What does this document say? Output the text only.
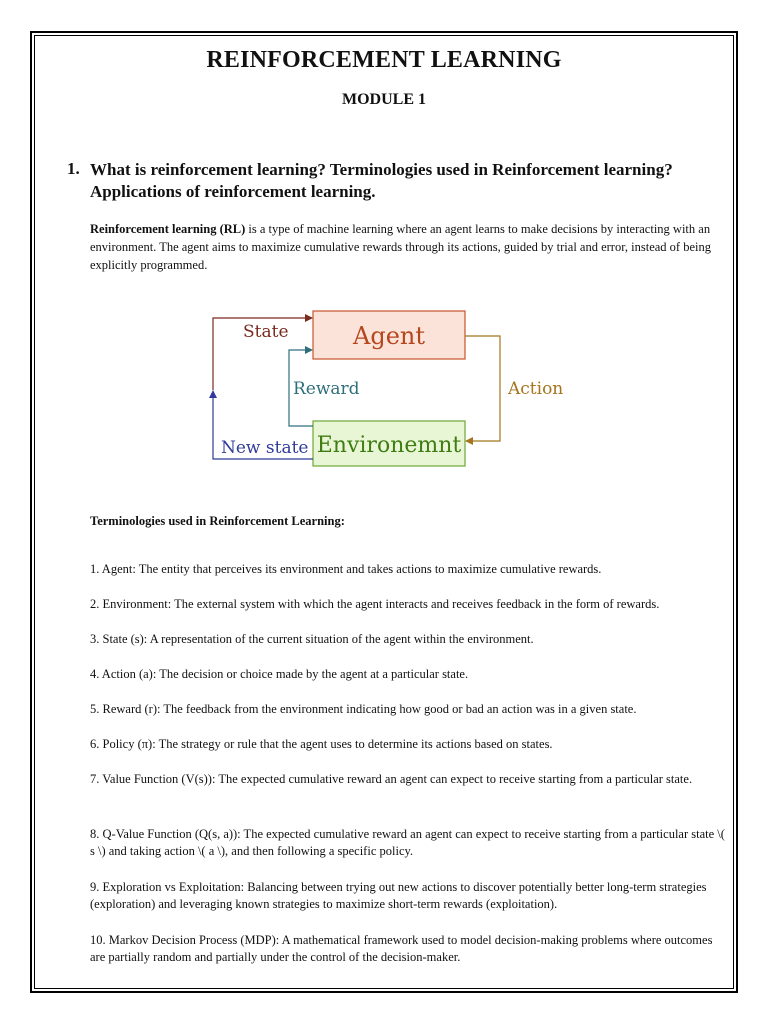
REINFORCEMENT LEARNING
MODULE 1
1. What is reinforcement learning? Terminologies used in Reinforcement learning? Applications of reinforcement learning.
Reinforcement learning (RL) is a type of machine learning where an agent learns to make decisions by interacting with an environment. The agent aims to maximize cumulative rewards through its actions, guided by trial and error, instead of being explicitly programmed.
Agent
Environemnt
Action
Reward
State
New state
Terminologies used in Reinforcement Learning:
1. Agent: The entity that perceives its environment and takes actions to maximize cumulative rewards.
2. Environment: The external system with which the agent interacts and receives feedback in the form of rewards.
3. State (s): A representation of the current situation of the agent within the environment.
4. Action (a): The decision or choice made by the agent at a particular state.
5. Reward (r): The feedback from the environment indicating how good or bad an action was in a given state.
6. Policy (π): The strategy or rule that the agent uses to determine its actions based on states.
7. Value Function (V(s)): The expected cumulative reward an agent can expect to receive starting from a particular state.
8. Q-Value Function (Q(s, a)): The expected cumulative reward an agent can expect to receive starting from a particular state \( s \) and taking action \( a \), and then following a specific policy.
9. Exploration vs Exploitation: Balancing between trying out new actions to discover potentially better long-term strategies (exploration) and leveraging known strategies to maximize short-term rewards (exploitation).
10. Markov Decision Process (MDP): A mathematical framework used to model decision-making problems where outcomes are partially random and partially under the control of the decision-maker.
